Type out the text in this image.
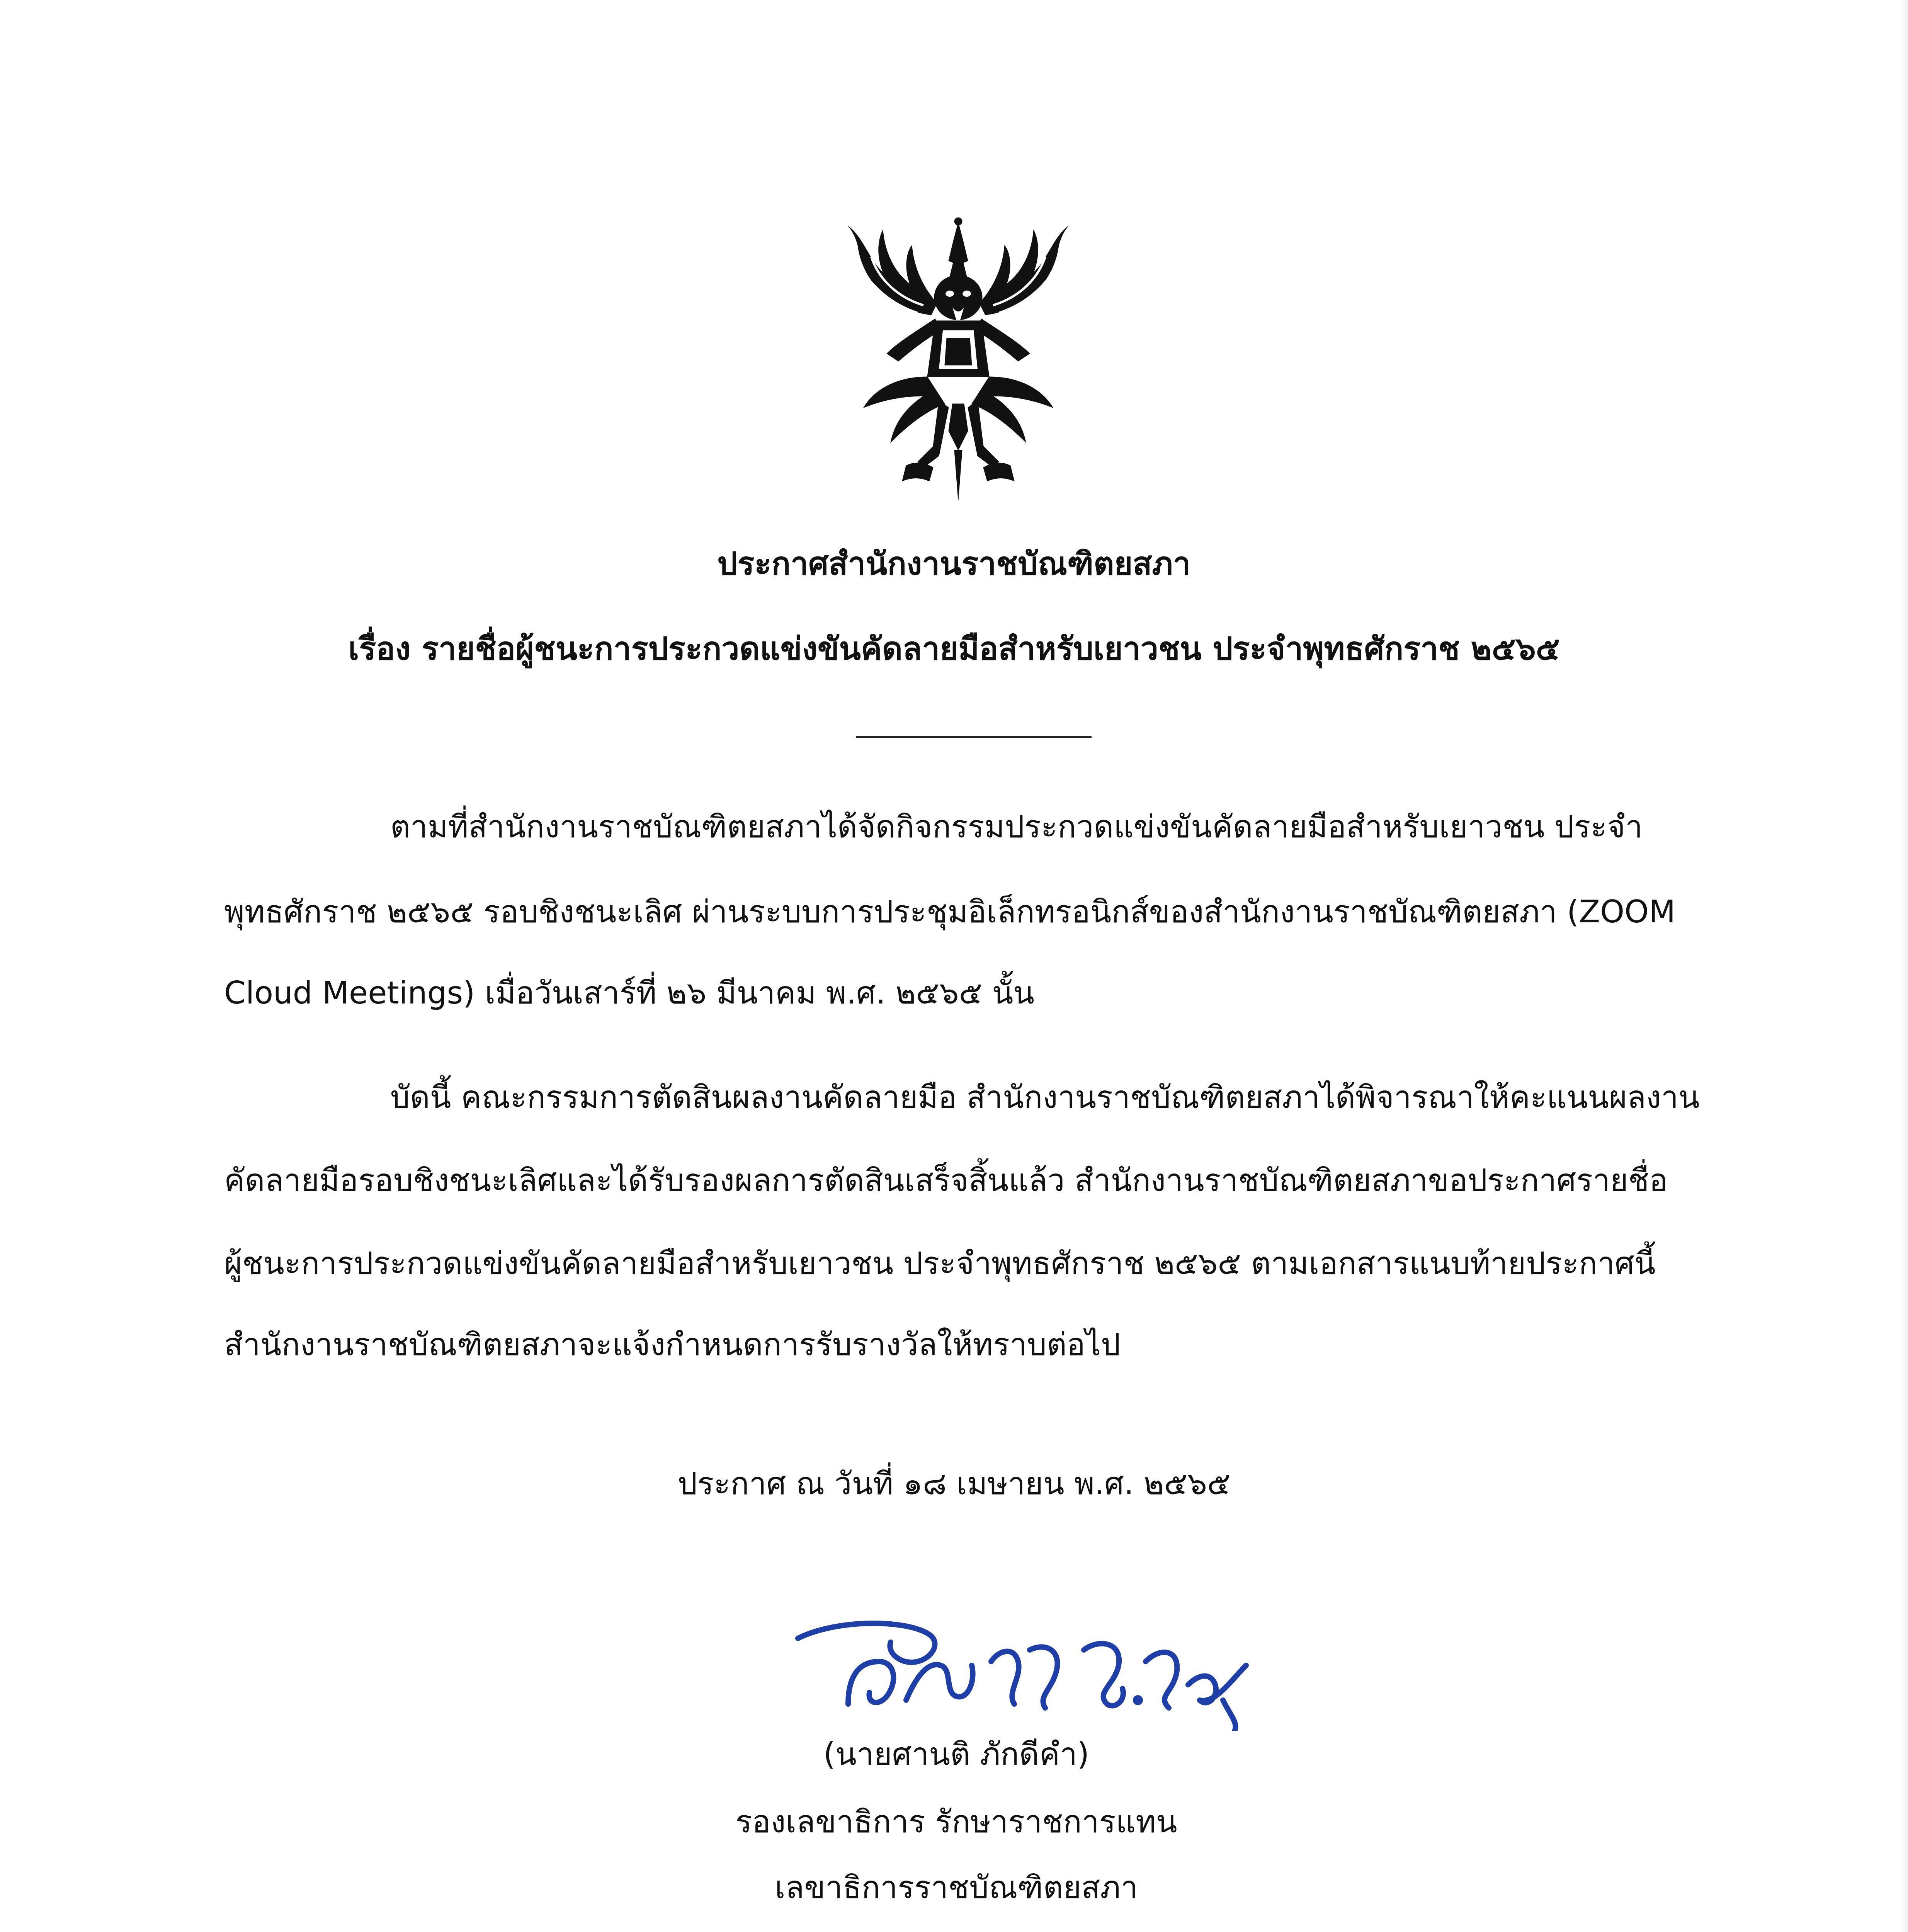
ประกาศสำนักงานราชบัณฑิตยสภา
เรื่อง รายชื่อผู้ชนะการประกวดแข่งขันคัดลายมือสำหรับเยาวชน ประจำพุทธศักราช ๒๕๖๕
ตามที่สำนักงานราชบัณฑิตยสภาได้จัดกิจกรรมประกวดแข่งขันคัดลายมือสำหรับเยาวชน ประจำ
พุทธศักราช ๒๕๖๕ รอบชิงชนะเลิศ ผ่านระบบการประชุมอิเล็กทรอนิกส์ของสำนักงานราชบัณฑิตยสภา (ZOOM
Cloud Meetings) เมื่อวันเสาร์ที่ ๒๖ มีนาคม พ.ศ. ๒๕๖๕ นั้น
บัดนี้ คณะกรรมการตัดสินผลงานคัดลายมือ สำนักงานราชบัณฑิตยสภาได้พิจารณาให้คะแนนผลงาน
คัดลายมือรอบชิงชนะเลิศและได้รับรองผลการตัดสินเสร็จสิ้นแล้ว สำนักงานราชบัณฑิตยสภาขอประกาศรายชื่อ
ผู้ชนะการประกวดแข่งขันคัดลายมือสำหรับเยาวชน ประจำพุทธศักราช ๒๕๖๕ ตามเอกสารแนบท้ายประกาศนี้
สำนักงานราชบัณฑิตยสภาจะแจ้งกำหนดการรับรางวัลให้ทราบต่อไป
ประกาศ ณ วันที่ ๑๘ เมษายน พ.ศ. ๒๕๖๕
(นายศานติ ภักดีคำ)
รองเลขาธิการ รักษาราชการแทน
เลขาธิการราชบัณฑิตยสภา
